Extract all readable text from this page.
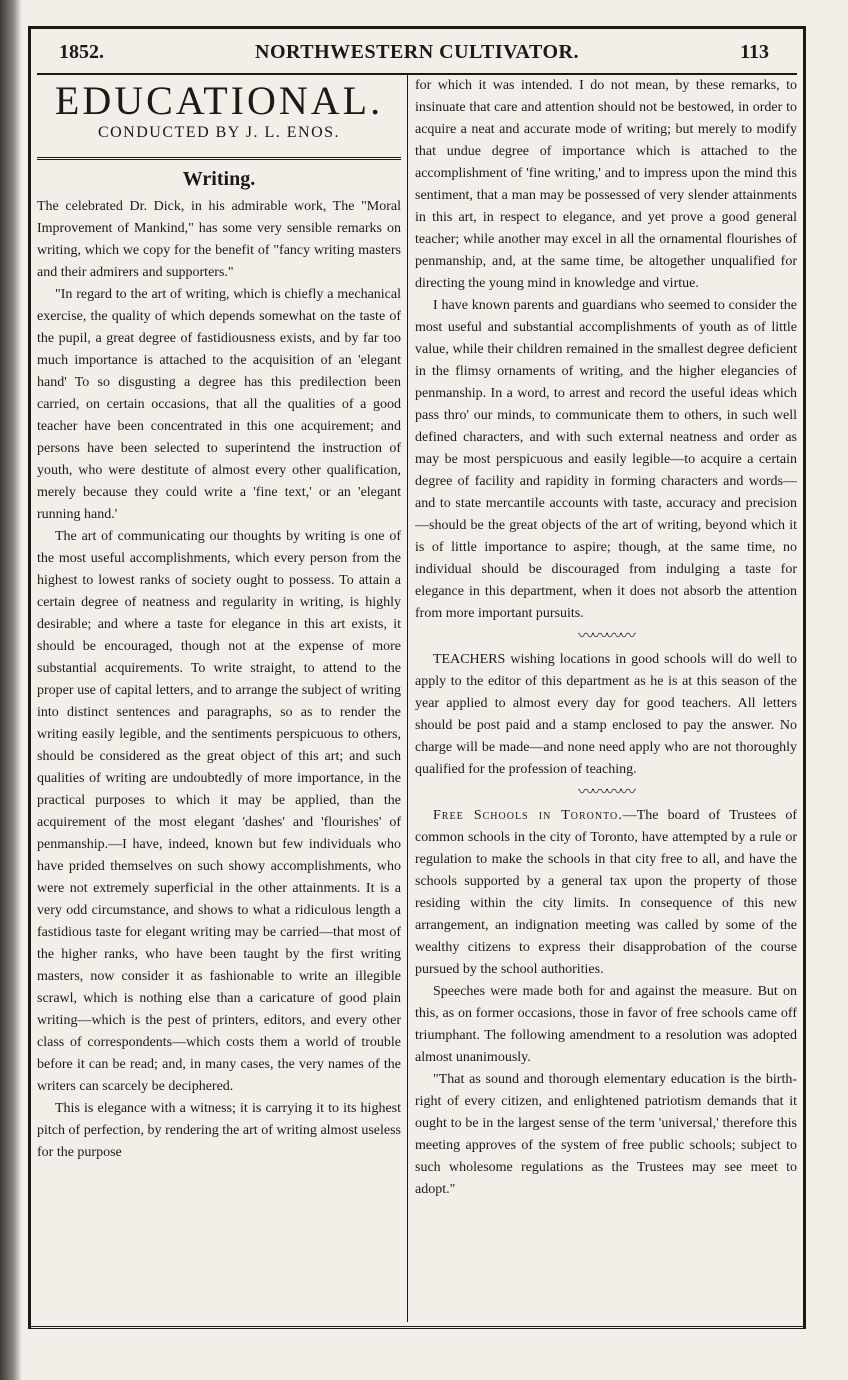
1852.	NORTHWESTERN CULTIVATOR.	113
EDUCATIONAL.
CONDUCTED BY J. L. ENOS.
Writing.

The celebrated Dr. Dick, in his admirable work, The "Moral Improvement of Mankind," has some very sensible remarks on writing, which we copy for the benefit of "fancy writing masters and their admirers and supporters."

"In regard to the art of writing, which is chiefly a mechanical exercise, the quality of which depends somewhat on the taste of the pupil, a great degree of fastidiousness exists, and by far too much importance is attached to the acquisition of an 'elegant hand' To so disgusting a degree has this predilection been carried, on certain occasions, that all the qualities of a good teacher have been concentrated in this one acquirement; and persons have been selected to superintend the instruction of youth, who were destitute of almost every other qualification, merely because they could write a 'fine text,' or an 'elegant running hand.'

The art of communicating our thoughts by writing is one of the most useful accomplishments, which every person from the highest to lowest ranks of society ought to possess. To attain a certain degree of neatness and regularity in writing, is highly desirable; and where a taste for elegance in this art exists, it should be encouraged, though not at the expense of more substantial acquirements. To write straight, to attend to the proper use of capital letters, and to arrange the subject of writing into distinct sentences and paragraphs, so as to render the writing easily legible, and the sentiments perspicuous to others, should be considered as the great object of this art; and such qualities of writing are undoubtedly of more importance, in the practical purposes to which it may be applied, than the acquirement of the most elegant 'dashes' and 'flourishes' of penmanship.—I have, indeed, known but few individuals who have prided themselves on such showy accomplishments, who were not extremely superficial in the other attainments. It is a very odd circumstance, and shows to what a ridiculous length a fastidious taste for elegant writing may be carried—that most of the higher ranks, who have been taught by the first writing masters, now consider it as fashionable to write an illegible scrawl, which is nothing else than a caricature of good plain writing—which is the pest of printers, editors, and every other class of correspondents—which costs them a world of trouble before it can be read; and, in many cases, the very names of the writers can scarcely be deciphered.

This is elegance with a witness; it is carrying it to its highest pitch of perfection, by rendering the art of writing almost useless for the purpose

for which it was intended. I do not mean, by these remarks, to insinuate that care and attention should not be bestowed, in order to acquire a neat and accurate mode of writing; but merely to modify that undue degree of importance which is attached to the accomplishment of 'fine writing,' and to impress upon the mind this sentiment, that a man may be possessed of very slender attainments in this art, in respect to elegance, and yet prove a good general teacher; while another may excel in all the ornamental flourishes of penmanship, and, at the same time, be altogether unqualified for directing the young mind in knowledge and virtue.

I have known parents and guardians who seemed to consider the most useful and substantial accomplishments of youth as of little value, while their children remained in the smallest degree deficient in the flimsy ornaments of writing, and the higher elegancies of penmanship. In a word, to arrest and record the useful ideas which pass thro' our minds, to communicate them to others, in such well defined characters, and with such external neatness and order as may be most perspicuous and easily legible—to acquire a certain degree of facility and rapidity in forming characters and words—and to state mercantile accounts with taste, accuracy and precision—should be the great objects of the art of writing, beyond which it is of little importance to aspire; though, at the same time, no individual should be discouraged from indulging a taste for elegance in this department, when it does not absorb the attention from more important pursuits.

〰〰〰〰

TEACHERS wishing locations in good schools will do well to apply to the editor of this department as he is at this season of the year applied to almost every day for good teachers. All letters should be post paid and a stamp enclosed to pay the answer. No charge will be made—and none need apply who are not thoroughly qualified for the profession of teaching.

〰〰〰〰

Free Schools in Toronto.—The board of Trustees of common schools in the city of Toronto, have attempted by a rule or regulation to make the schools in that city free to all, and have the schools supported by a general tax upon the property of those residing within the city limits. In consequence of this new arrangement, an indignation meeting was called by some of the wealthy citizens to express their disapprobation of the course pursued by the school authorities.

Speeches were made both for and against the measure. But on this, as on former occasions, those in favor of free schools came off triumphant. The following amendment to a resolution was adopted almost unanimously.

"That as sound and thorough elementary education is the birth-right of every citizen, and enlightened patriotism demands that it ought to be in the largest sense of the term 'universal,' therefore this meeting approves of the system of free public schools; subject to such wholesome regulations as the Trustees may see meet to adopt."
